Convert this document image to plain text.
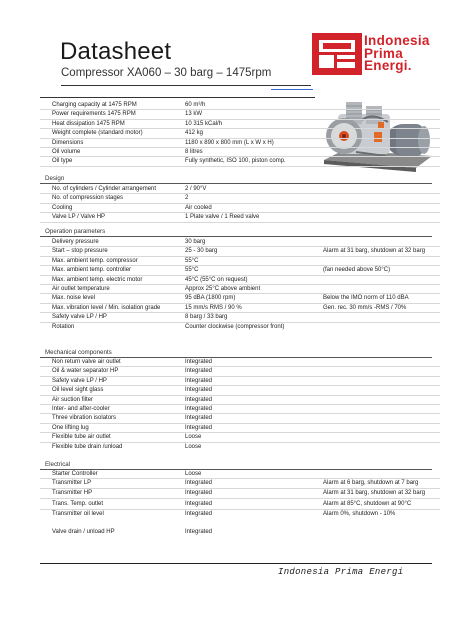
Datasheet
Compressor XA060 – 30 barg – 1475rpm
Indonesia
Prima
Energi.
Charging capacity at 1475 RPM	60 m³/h
Power requirements 1475 RPM	13 kW
Heat dissipation 1475 RPM	10 315 kCal/h
Weight complete (standard motor)	412 kg
Dimensions	1180 x 890 x 800 mm (L x W x H)
Oil volume	8 litres
Oil type	Fully synthetic, ISO 100, piston comp.
Design
No. of cylinders / Cylinder arrangement	2 / 90°V
No. of compression stages	2
Cooling	Air cooled
Valve LP / Valve HP	1 Plate valve / 1 Reed valve
Operation parameters
Delivery pressure	30 barg
Start – stop pressure	25 - 30 barg	Alarm at 31 barg, shutdown at 32 barg
Max. ambient temp. compressor	55°C
Max. ambient temp. controller	55°C	(fan needed above 50°C)
Max. ambient temp. electric motor	45°C (55°C on request)
Air outlet temperature	Approx 25°C above ambient
Max. noise level	95 dBA (1800 rpm)	Below the IMO norm of 110 dBA
Max. vibration level / Min. isolation grade	15 mm/s RMS / 90 %	Gen. rec. 30 mm/s -RMS / 70%
Safety valve LP / HP	8 barg / 33 barg
Rotation	Counter clockwise (compressor front)
Mechanical components
Non return valve air outlet	Integrated
Oil & water separator HP	Integrated
Safety valve LP / HP	Integrated
Oil level sight glass	Integrated
Air suction filter	Integrated
Inter- and after-cooler	Integrated
Three vibration isolators	Integrated
One lifting lug	Integrated
Flexible tube air outlet	Loose
Flexible tube drain /unload	Loose
Electrical
Starter Controller	Loose
Transmitter LP	Integrated	Alarm at 6 barg, shutdown at 7 barg
Transmitter HP	Integrated	Alarm at 31 barg, shutdown at 32 barg
Trans. Temp. outlet	Integrated	Alarm at 85°C, shutdown at 90°C
Transmitter oil level	Integrated	Alarm 0%, shutdown - 10%
Valve drain / unload HP	Integrated
Indonesia Prima Energi
